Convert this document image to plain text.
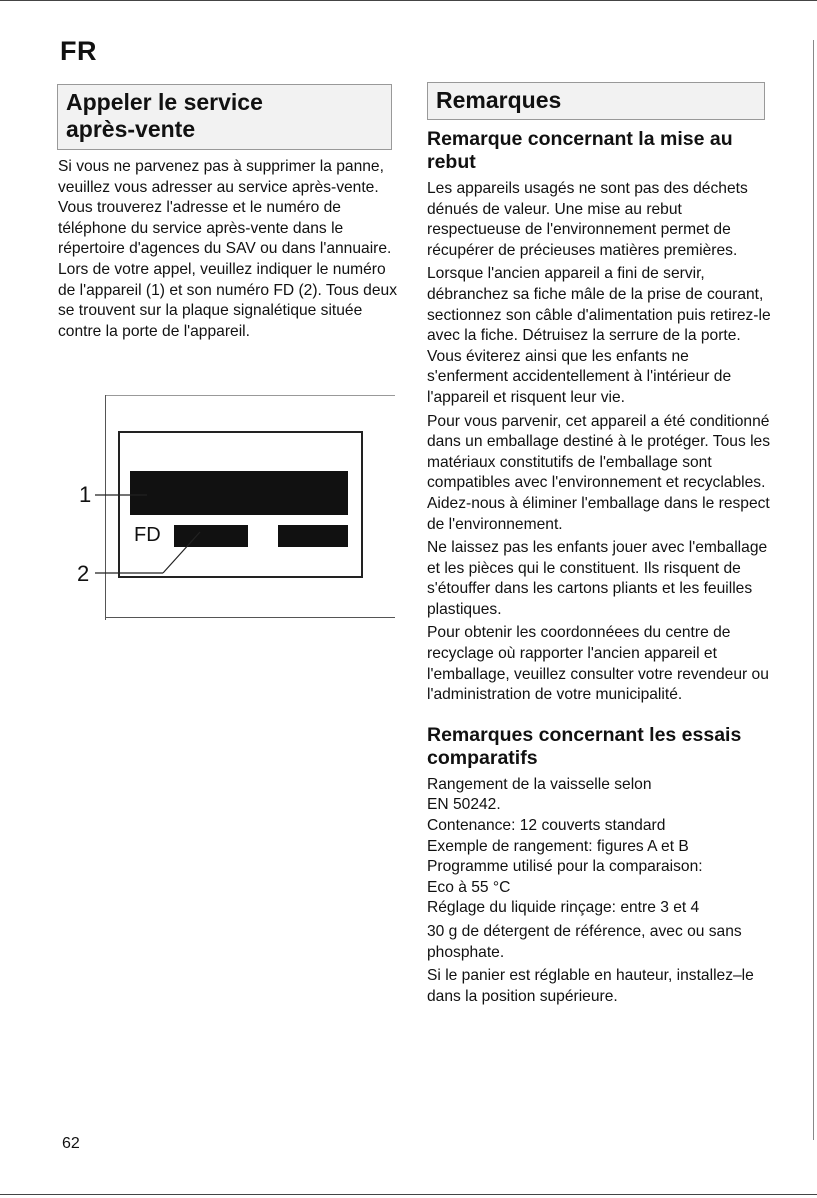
FR
Appeler le service
après-vente

Si vous ne parvenez pas à supprimer la panne, veuillez vous adresser au service après-vente. Vous trouverez l'adresse et le numéro de téléphone du service après-vente dans le répertoire d'agences du SAV ou dans l'annuaire. Lors de votre appel, veuillez indiquer le numéro de l'appareil (1) et son numéro FD (2). Tous deux se trouvent sur la plaque signalétique située contre la porte de l'appareil.

FD
1
2
Remarques
Remarque concernant la mise au rebut

Les appareils usagés ne sont pas des déchets dénués de valeur. Une mise au rebut respectueuse de l'environnement permet de récupérer de précieuses matières premières.

Lorsque l'ancien appareil a fini de servir, débranchez sa fiche mâle de la prise de courant, sectionnez son câble d'alimentation puis retirez-le avec la fiche. Détruisez la serrure de la porte. Vous éviterez ainsi que les enfants ne s'enferment accidentellement à l'intérieur de l'appareil et risquent leur vie.

Pour vous parvenir, cet appareil a été conditionné dans un emballage destiné à le protéger. Tous les matériaux constitutifs de l'emballage sont compatibles avec l'environnement et recyclables. Aidez-nous à éliminer l'emballage dans le respect de l'environnement.

Ne laissez pas les enfants jouer avec l'emballage et les pièces qui le constituent. Ils risquent de s'étouffer dans les cartons pliants et les feuilles plastiques.

Pour obtenir les coordonnéees du centre de recyclage où rapporter l'ancien appareil et l'emballage, veuillez consulter votre revendeur ou l'administration de votre municipalité.

Remarques concernant les essais comparatifs

Rangement de la vaisselle selon

EN 50242.

Contenance: 12 couverts standard

Exemple de rangement: figures A et B

Programme utilisé pour la comparaison:

Eco à 55 °C

Réglage du liquide rinçage: entre 3 et 4

30 g de détergent de référence, avec ou sans phosphate.

Si le panier est réglable en hauteur, installez–le dans la position supérieure.

62
